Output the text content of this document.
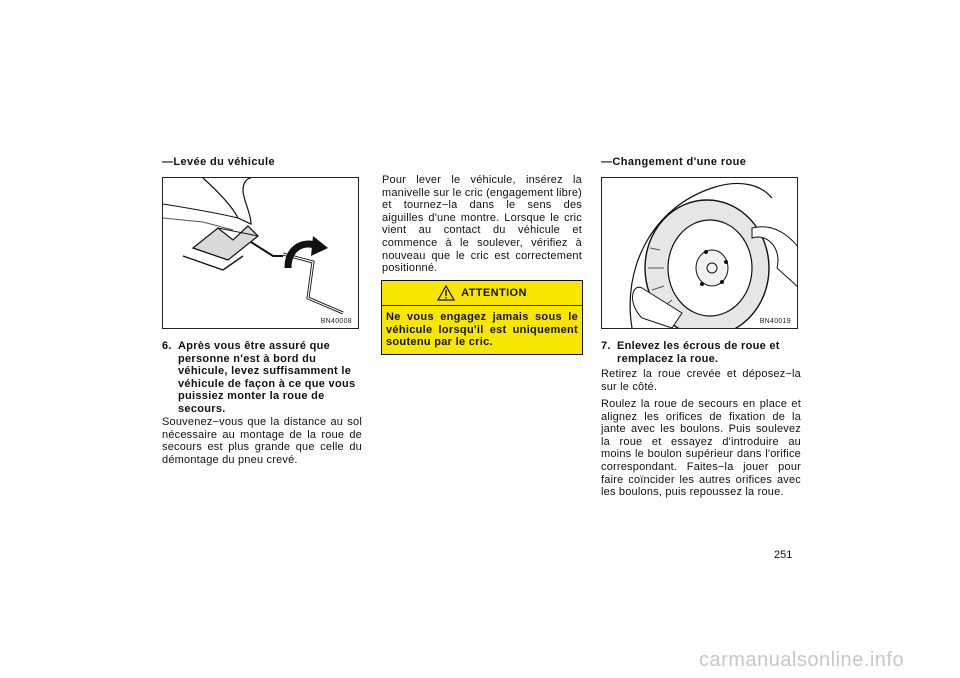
—Levée du véhicule
BN40008
6. Après vous être assuré que personne n'est à bord du véhicule, levez suffisamment le véhicule de façon à ce que vous puissiez monter la roue de secours.
Souvenez−vous que la distance au sol nécessaire au montage de la roue de secours est plus grande que celle du démontage du pneu crevé.
Pour lever le véhicule, insérez la manivelle sur le cric (engagement libre) et tournez−la dans le sens des aiguilles d'une montre. Lorsque le cric vient au contact du véhicule et commence à le soulever, vérifiez à nouveau que le cric est correctement positionné.
ATTENTION
Ne vous engagez jamais sous le véhicule lorsqu'il est uniquement soutenu par le cric.
—Changement d'une roue
BN40019
7. Enlevez les écrous de roue et remplacez la roue.
Retirez la roue crevée et déposez−la sur le côté.
Roulez la roue de secours en place et alignez les orifices de fixation de la jante avec les boulons. Puis soulevez la roue et essayez d'introduire au moins le boulon supérieur dans l'orifice correspondant. Faites−la jouer pour faire coïncider les autres orifices avec les boulons, puis repoussez la roue.
251
carmanualsonline.info
